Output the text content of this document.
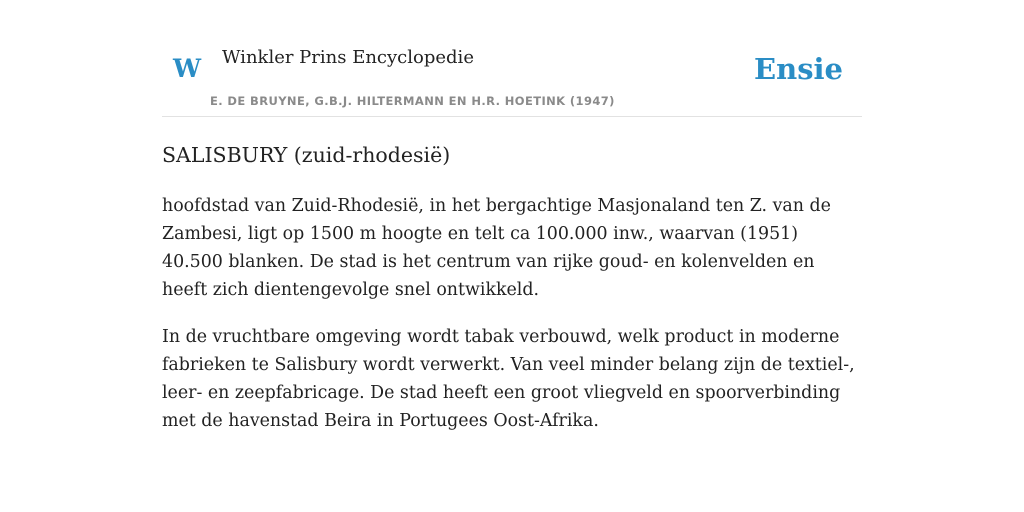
W Winkler Prins Encyclopedie
E. DE BRUYNE, G.B.J. HILTERMANN EN H.R. HOETINK (1947)
Ensie
SALISBURY (zuid-rhodesië)

hoofdstad van Zuid-Rhodesië, in het bergachtige Masjonaland ten Z. van de Zambesi, ligt op 1500 m hoogte en telt ca 100.000 inw., waarvan (1951) 40.500 blanken. De stad is het centrum van rijke goud- en kolenvelden en heeft zich dientengevolge snel ontwikkeld.

In de vruchtbare omgeving wordt tabak verbouwd, welk product in moderne fabrieken te Salisbury wordt verwerkt. Van veel minder belang zijn de textiel-, leer- en zeepfabricage. De stad heeft een groot vliegveld en spoorverbinding met de havenstad Beira in Portugees Oost-Afrika.
